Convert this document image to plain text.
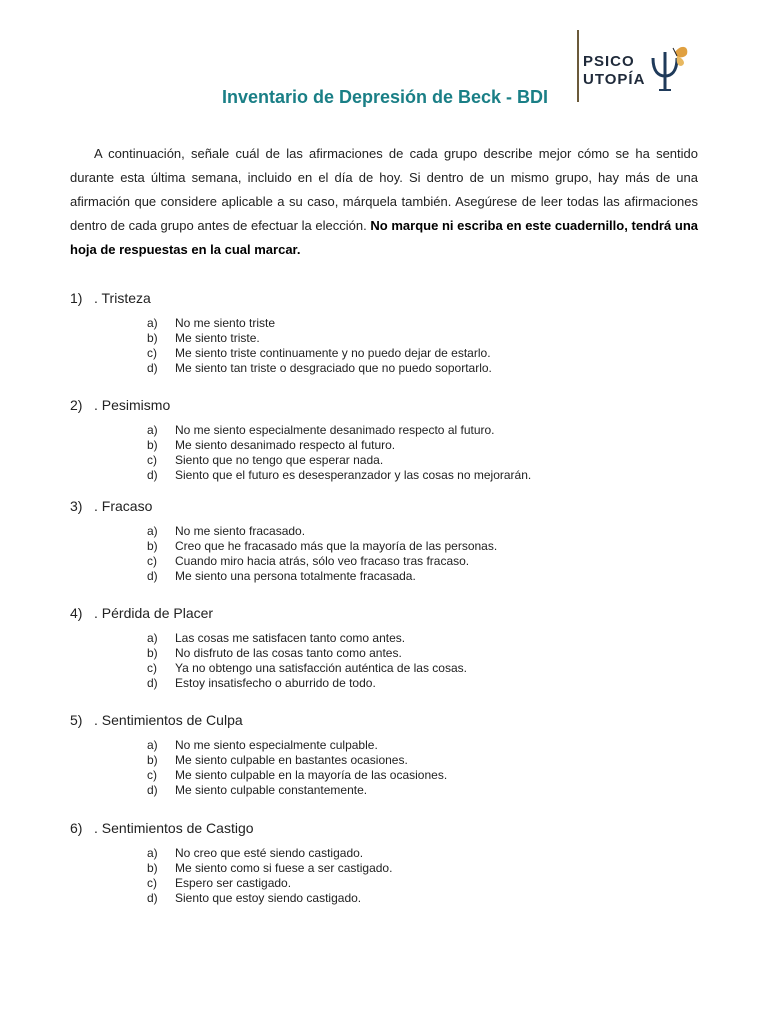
PSICO
UTOPÍA
Inventario de Depresión de Beck - BDI
A continuación, señale cuál de las afirmaciones de cada grupo describe mejor cómo se ha sentido durante esta última semana, incluido en el día de hoy. Si dentro de un mismo grupo, hay más de una afirmación que considere aplicable a su caso, márquela también. Asegúrese de leer todas las afirmaciones dentro de cada grupo antes de efectuar la elección. No marque ni escriba en este cuadernillo, tendrá una hoja de respuestas en la cual marcar.
1) . Tristeza
a)	No me siento triste
b)	Me siento triste.
c)	Me siento triste continuamente y no puedo dejar de estarlo.
d)	Me siento tan triste o desgraciado que no puedo soportarlo.
2) . Pesimismo
a)	No me siento especialmente desanimado respecto al futuro.
b)	Me siento desanimado respecto al futuro.
c)	Siento que no tengo que esperar nada.
d)	Siento que el futuro es desesperanzador y las cosas no mejorarán.
3) . Fracaso
a)	No me siento fracasado.
b)	Creo que he fracasado más que la mayoría de las personas.
c)	Cuando miro hacia atrás, sólo veo fracaso tras fracaso.
d)	Me siento una persona totalmente fracasada.
4) . Pérdida de Placer
a)	Las cosas me satisfacen tanto como antes.
b)	No disfruto de las cosas tanto como antes.
c)	Ya no obtengo una satisfacción auténtica de las cosas.
d)	Estoy insatisfecho o aburrido de todo.
5) . Sentimientos de Culpa
a)	No me siento especialmente culpable.
b)	Me siento culpable en bastantes ocasiones.
c)	Me siento culpable en la mayoría de las ocasiones.
d)	Me siento culpable constantemente.
6) . Sentimientos de Castigo
a)	No creo que esté siendo castigado.
b)	Me siento como si fuese a ser castigado.
c)	Espero ser castigado.
d)	Siento que estoy siendo castigado.
